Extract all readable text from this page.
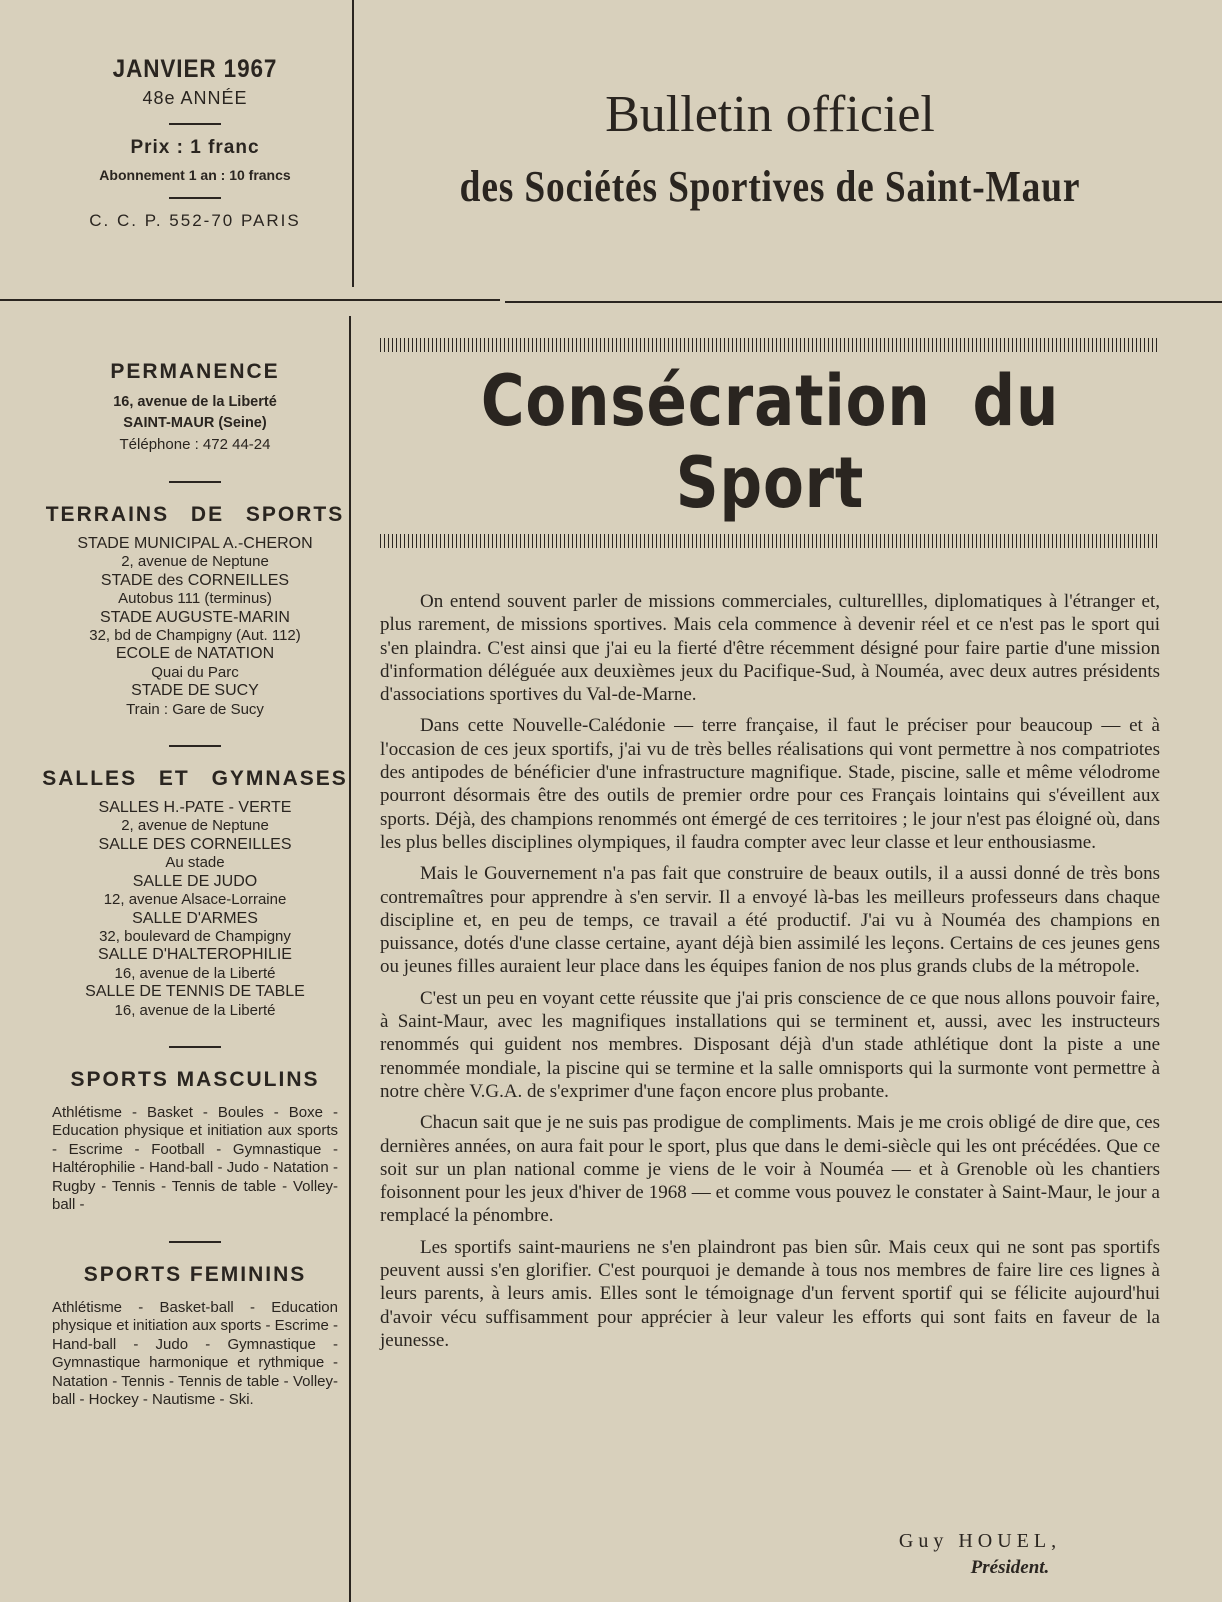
JANVIER 1967
48e ANNÉE
Prix : 1 franc
Abonnement 1 an : 10 francs
C. C. P. 552-70 PARIS
Bulletin officiel
des Sociétés Sportives de Saint-Maur
PERMANENCE
16, avenue de la Liberté
SAINT-MAUR (Seine)
Téléphone : 472 44-24
TERRAINS DE SPORTS
STADE MUNICIPAL A.-CHERON
2, avenue de Neptune
STADE des CORNEILLES
Autobus 111 (terminus)
STADE AUGUSTE-MARIN
32, bd de Champigny (Aut. 112)
ECOLE de NATATION
Quai du Parc
STADE DE SUCY
Train : Gare de Sucy
SALLES ET GYMNASES
SALLES H.-PATE - VERTE
2, avenue de Neptune
SALLE DES CORNEILLES
Au stade
SALLE DE JUDO
12, avenue Alsace-Lorraine
SALLE D'ARMES
32, boulevard de Champigny
SALLE D'HALTEROPHILIE
16, avenue de la Liberté
SALLE DE TENNIS DE TABLE
16, avenue de la Liberté
SPORTS MASCULINS
Athlétisme - Basket - Boules - Boxe - Education physique et initiation aux sports - Escrime - Football - Gymnastique - Haltérophilie - Hand-ball - Judo - Natation - Rugby - Tennis - Tennis de table - Volley-ball -
SPORTS FEMININS
Athlétisme - Basket-ball - Education physique et initiation aux sports - Escrime - Hand-ball - Judo - Gymnastique - Gymnastique harmonique et rythmique - Natation - Tennis - Tennis de table - Volley-ball - Hockey - Nautisme - Ski.
Consécration du Sport

On entend souvent parler de missions commerciales, culturellles, diplomatiques à l'étranger et, plus rarement, de missions sportives. Mais cela commence à devenir réel et ce n'est pas le sport qui s'en plaindra. C'est ainsi que j'ai eu la fierté d'être récemment désigné pour faire partie d'une mission d'information déléguée aux deuxièmes jeux du Pacifique-Sud, à Nouméa, avec deux autres présidents d'associations sportives du Val-de-Marne.

Dans cette Nouvelle-Calédonie — terre française, il faut le préciser pour beaucoup — et à l'occasion de ces jeux sportifs, j'ai vu de très belles réalisations qui vont permettre à nos compatriotes des antipodes de bénéficier d'une infrastructure magnifique. Stade, piscine, salle et même vélodrome pourront désormais être des outils de premier ordre pour ces Français lointains qui s'éveillent aux sports. Déjà, des champions renommés ont émergé de ces territoires ; le jour n'est pas éloigné où, dans les plus belles disciplines olympiques, il faudra compter avec leur classe et leur enthousiasme.

Mais le Gouvernement n'a pas fait que construire de beaux outils, il a aussi donné de très bons contremaîtres pour apprendre à s'en servir. Il a envoyé là-bas les meilleurs professeurs dans chaque discipline et, en peu de temps, ce travail a été productif. J'ai vu à Nouméa des champions en puissance, dotés d'une classe certaine, ayant déjà bien assimilé les leçons. Certains de ces jeunes gens ou jeunes filles auraient leur place dans les équipes fanion de nos plus grands clubs de la métropole.

C'est un peu en voyant cette réussite que j'ai pris conscience de ce que nous allons pouvoir faire, à Saint-Maur, avec les magnifiques installations qui se terminent et, aussi, avec les instructeurs renommés qui guident nos membres. Disposant déjà d'un stade athlétique dont la piste a une renommée mondiale, la piscine qui se termine et la salle omnisports qui la surmonte vont permettre à notre chère V.G.A. de s'exprimer d'une façon encore plus probante.

Chacun sait que je ne suis pas prodigue de compliments. Mais je me crois obligé de dire que, ces dernières années, on aura fait pour le sport, plus que dans le demi-siècle qui les ont précédées. Que ce soit sur un plan national comme je viens de le voir à Nouméa — et à Grenoble où les chantiers foisonnent pour les jeux d'hiver de 1968 — et comme vous pouvez le constater à Saint-Maur, le jour a remplacé la pénombre.

Les sportifs saint-mauriens ne s'en plaindront pas bien sûr. Mais ceux qui ne sont pas sportifs peuvent aussi s'en glorifier. C'est pourquoi je demande à tous nos membres de faire lire ces lignes à leurs parents, à leurs amis. Elles sont le témoignage d'un fervent sportif qui se félicite aujourd'hui d'avoir vécu suffisamment pour apprécier à leur valeur les efforts qui sont faits en faveur de la jeunesse.

Guy HOUEL,
Président.
